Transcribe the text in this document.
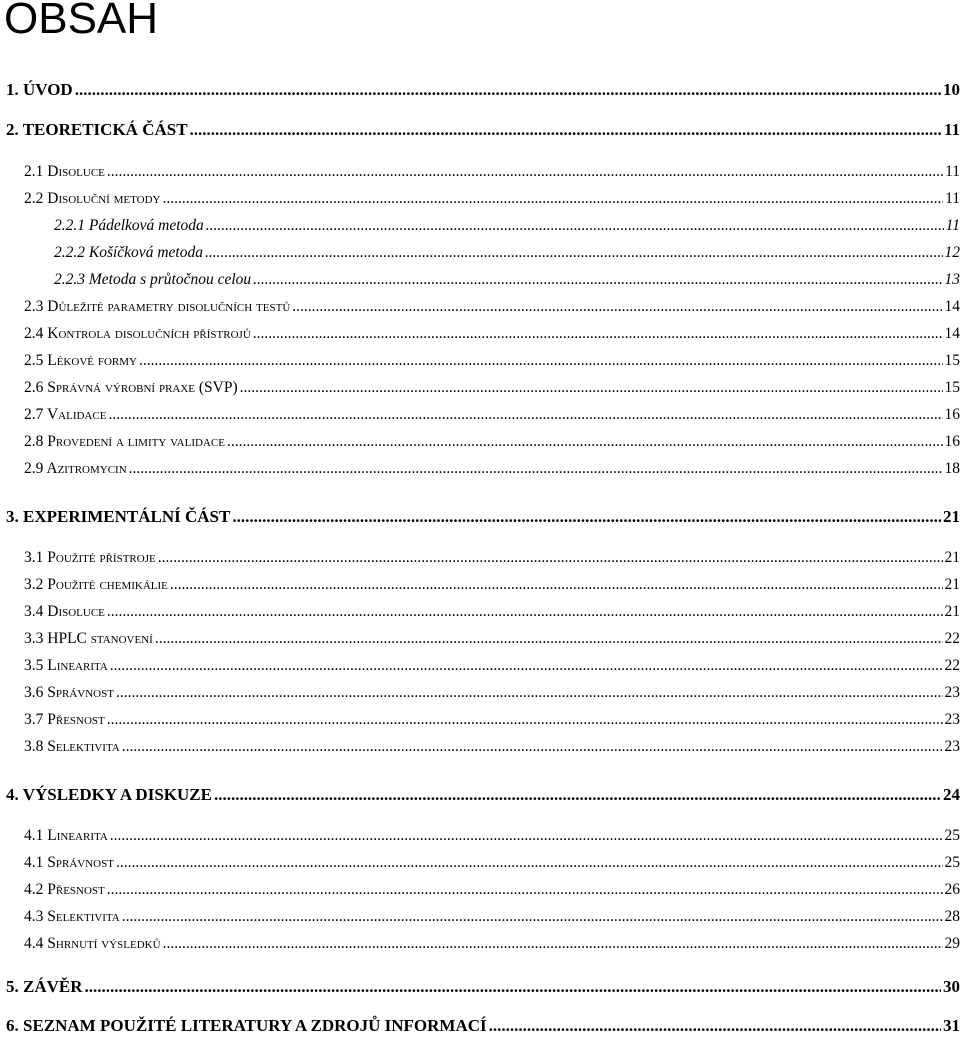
OBSAH
1. ÚVOD .....	10
2. TEORETICKÁ ČÁST .....	11
2.1 Disoluce .....	11
2.2 Disoluční metody .....	11
2.2.1 Pádelková metoda .....	11
2.2.2 Košíčková metoda .....	12
2.2.3 Metoda s průtočnou celou .....	13
2.3 Důležité parametry disolučních testů .....	14
2.4 Kontrola disolučních přístrojů .....	14
2.5 Lékové formy .....	15
2.6 Správná výrobní praxe (SVP) .....	15
2.7 Validace .....	16
2.8 Provedení a limity validace .....	16
2.9 Azitromycin .....	18
3. EXPERIMENTÁLNÍ ČÁST .....	21
3.1 Použité přístroje .....	21
3.2 Použité chemikálie .....	21
3.4 Disoluce .....	21
3.3 HPLC stanovení .....	22
3.5 Linearita .....	22
3.6 Správnost .....	23
3.7 Přesnost .....	23
3.8 Selektivita .....	23
4. VÝSLEDKY A DISKUZE .....	24
4.1 Linearita .....	25
4.1 Správnost .....	25
4.2 Přesnost .....	26
4.3 Selektivita .....	28
4.4 Shrnutí výsledků .....	29
5. ZÁVĚR .....	30
6. SEZNAM POUŽITÉ LITERATURY A ZDROJŮ INFORMACÍ .....	31
